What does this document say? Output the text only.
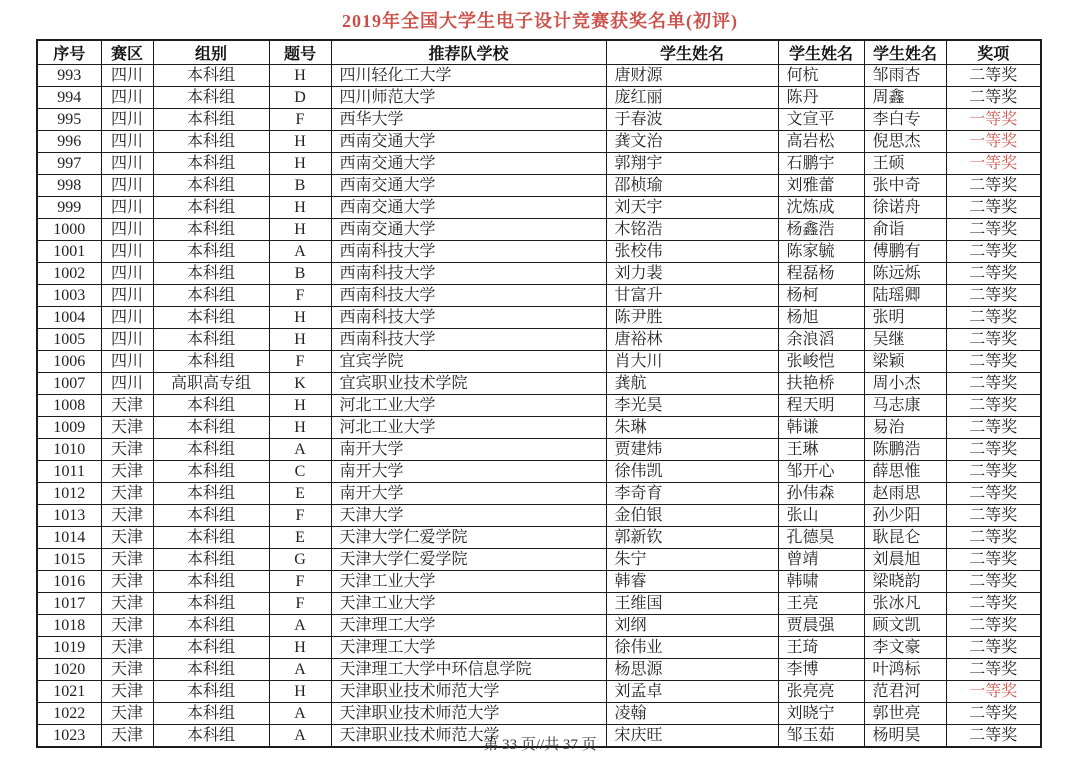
2019年全国大学生电子设计竞赛获奖名单(初评)
序号	赛区	组别	题号	推荐队学校	学生姓名	学生姓名	学生姓名	奖项
993	四川	本科组	H	四川轻化工大学	唐财源	何杭	邹雨杏	二等奖
994	四川	本科组	D	四川师范大学	庞红丽	陈丹	周鑫	二等奖
995	四川	本科组	F	西华大学	于春波	文宣平	李白专	一等奖
996	四川	本科组	H	西南交通大学	龚文治	高岩松	倪思杰	一等奖
997	四川	本科组	H	西南交通大学	郭翔宇	石鹏宇	王硕	一等奖
998	四川	本科组	B	西南交通大学	邵桢瑜	刘雅蕾	张中奇	二等奖
999	四川	本科组	H	西南交通大学	刘天宇	沈炼成	徐诺舟	二等奖
1000	四川	本科组	H	西南交通大学	木铭浩	杨鑫浩	俞诣	二等奖
1001	四川	本科组	A	西南科技大学	张校伟	陈家毓	傅鹏有	二等奖
1002	四川	本科组	B	西南科技大学	刘力裴	程磊杨	陈远烁	二等奖
1003	四川	本科组	F	西南科技大学	甘富升	杨柯	陆瑶卿	二等奖
1004	四川	本科组	H	西南科技大学	陈尹胜	杨旭	张明	二等奖
1005	四川	本科组	H	西南科技大学	唐裕林	余浪滔	吴继	二等奖
1006	四川	本科组	F	宜宾学院	肖大川	张峻恺	梁颖	二等奖
1007	四川	高职高专组	K	宜宾职业技术学院	龚航	扶艳桥	周小杰	二等奖
1008	天津	本科组	H	河北工业大学	李光昊	程天明	马志康	二等奖
1009	天津	本科组	H	河北工业大学	朱琳	韩谦	易治	二等奖
1010	天津	本科组	A	南开大学	贾建炜	王琳	陈鹏浩	二等奖
1011	天津	本科组	C	南开大学	徐伟凯	邹开心	薛思惟	二等奖
1012	天津	本科组	E	南开大学	李奇育	孙伟森	赵雨思	二等奖
1013	天津	本科组	F	天津大学	金伯银	张山	孙少阳	二等奖
1014	天津	本科组	E	天津大学仁爱学院	郭新钦	孔德昊	耿昆仑	二等奖
1015	天津	本科组	G	天津大学仁爱学院	朱宁	曾靖	刘晨旭	二等奖
1016	天津	本科组	F	天津工业大学	韩睿	韩啸	梁晓韵	二等奖
1017	天津	本科组	F	天津工业大学	王维国	王亮	张冰凡	二等奖
1018	天津	本科组	A	天津理工大学	刘纲	贾晨强	顾文凯	二等奖
1019	天津	本科组	H	天津理工大学	徐伟业	王琦	李文豪	二等奖
1020	天津	本科组	A	天津理工大学中环信息学院	杨思源	李博	叶鸿标	二等奖
1021	天津	本科组	H	天津职业技术师范大学	刘孟卓	张亮亮	范君河	一等奖
1022	天津	本科组	A	天津职业技术师范大学	凌翰	刘晓宁	郭世亮	二等奖
1023	天津	本科组	A	天津职业技术师范大学	宋庆旺	邹玉茹	杨明昊	二等奖
第 33 页//共 37 页
